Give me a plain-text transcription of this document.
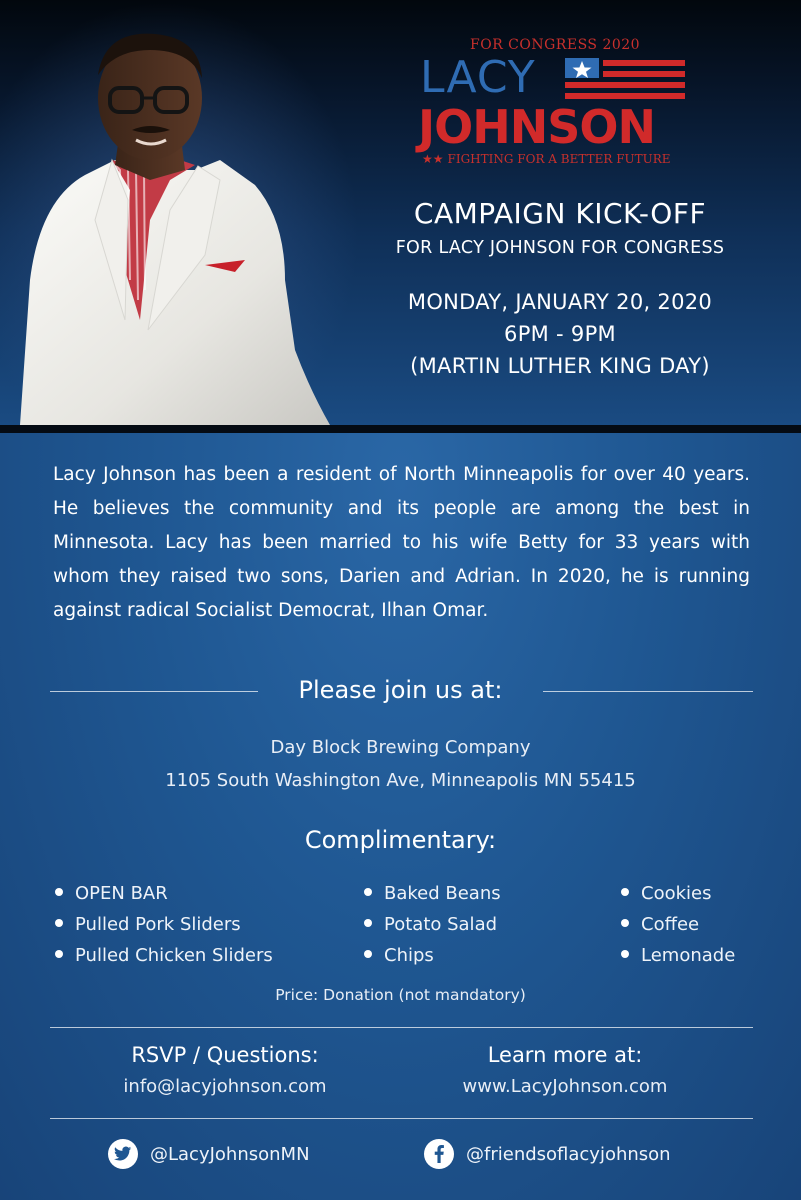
FOR CONGRESS 2020
LACY
JOHNSON
★★ FIGHTING FOR A BETTER FUTURE
CAMPAIGN KICK-OFF
FOR LACY JOHNSON FOR CONGRESS
MONDAY, JANUARY 20, 2020
6PM - 9PM
(MARTIN LUTHER KING DAY)
Lacy Johnson has been a resident of North Minneapolis for over 40 years. He believes the community and its people are among the best in Minnesota. Lacy has been married to his wife Betty for 33 years with whom they raised two sons, Darien and Adrian. In 2020, he is running against radical Socialist Democrat, Ilhan Omar.
Please join us at:
Day Block Brewing Company
1105 South Washington Ave, Minneapolis MN 55415
Complimentary:
OPEN BAR
Pulled Pork Sliders
Pulled Chicken Sliders
Baked Beans
Potato Salad
Chips
Cookies
Coffee
Lemonade
Price: Donation (not mandatory)
RSVP / Questions:
info@lacyjohnson.com
Learn more at:
www.LacyJohnson.com
@LacyJohnsonMN	@friendsoflacyjohnson
